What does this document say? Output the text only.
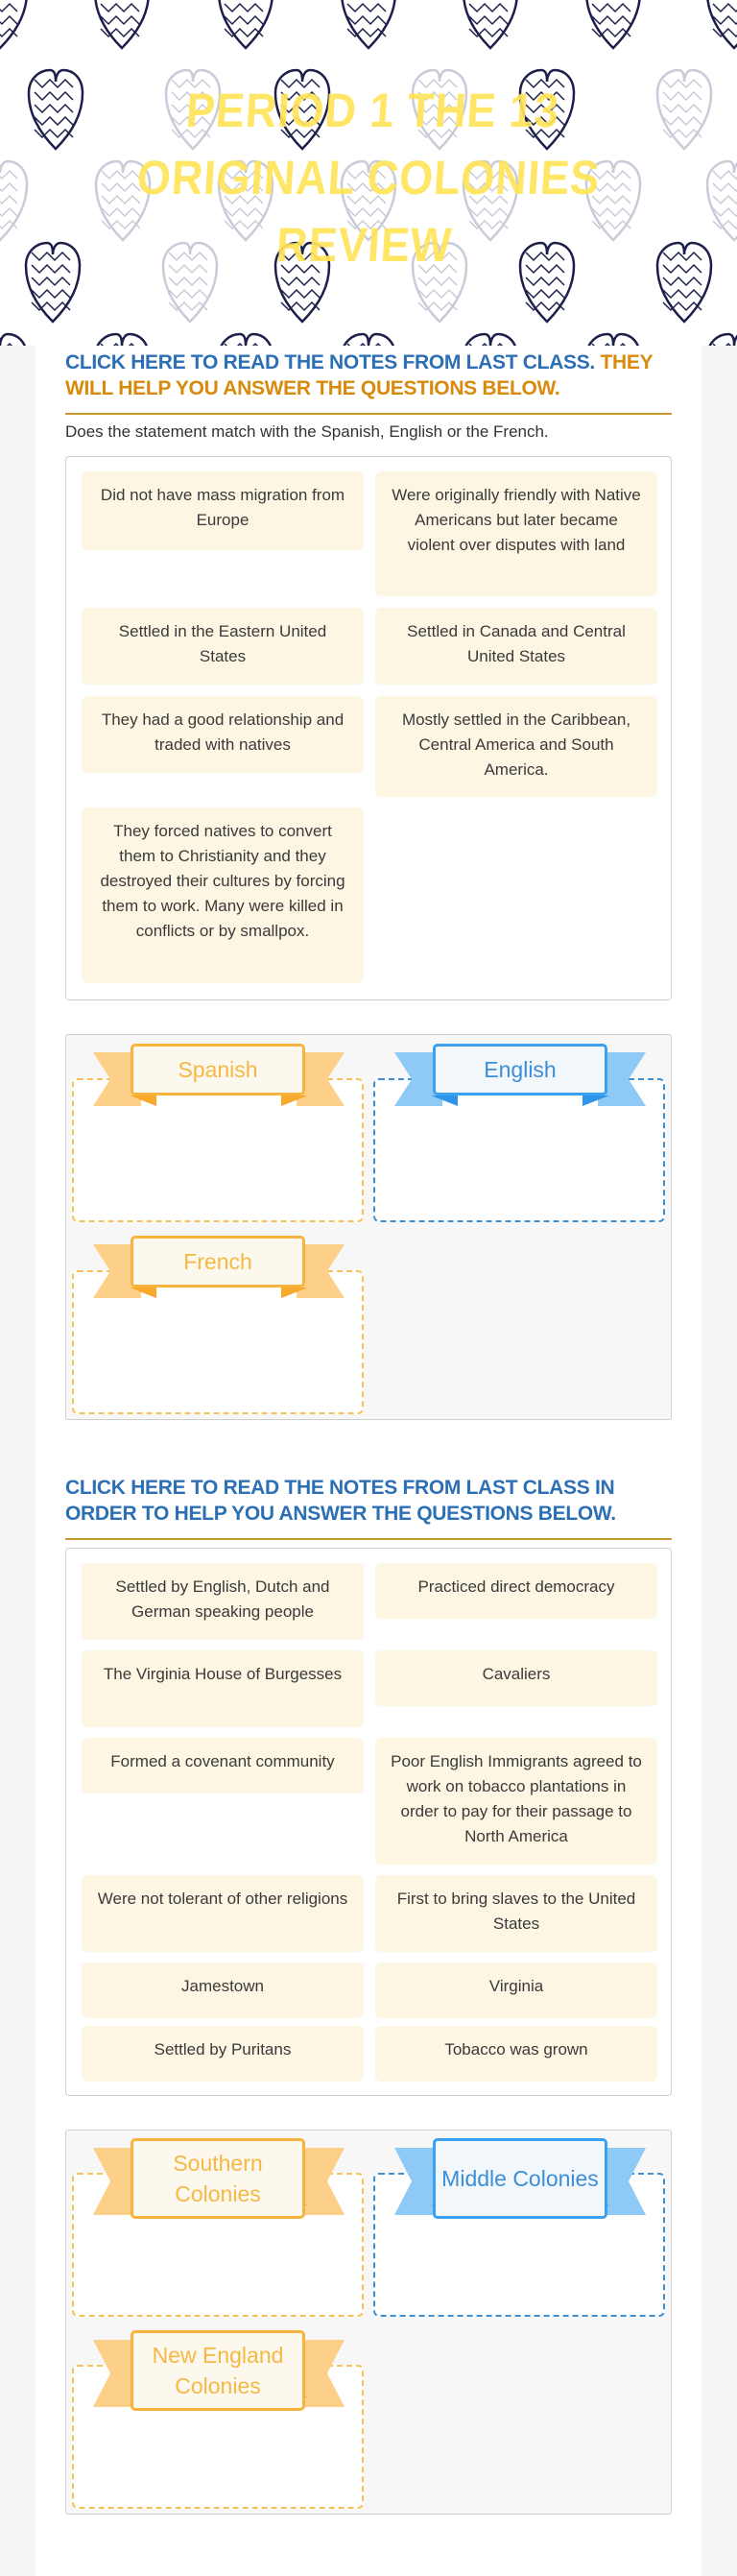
PERIOD 1 THE 13 ORIGINAL COLONIES REVIEW
CLICK HERE TO READ THE NOTES FROM LAST CLASS. THEY WILL HELP YOU ANSWER THE QUESTIONS BELOW.
Does the statement match with the Spanish, English or the French.
Did not have mass migration from Europe
Were originally friendly with Native Americans but later became violent over disputes with land
Settled in the Eastern United States
Settled in Canada and Central United States
They had a good relationship and traded with natives
Mostly settled in the Caribbean, Central America and South America.
They forced natives to convert them to Christianity and they destroyed their cultures by forcing them to work. Many were killed in conflicts or by smallpox.
Spanish	English
French
CLICK HERE TO READ THE NOTES FROM LAST CLASS IN ORDER TO HELP YOU ANSWER THE QUESTIONS BELOW.
Settled by English, Dutch and German speaking people
Practiced direct democracy
The Virginia House of Burgesses	Cavaliers
Formed a covenant community	Poor English Immigrants agreed to work on tobacco plantations in order to pay for their passage to North America
Were not tolerant of other religions	First to bring slaves to the United States
Jamestown	Virginia
Settled by Puritans	Tobacco was grown
Southern Colonies
Middle Colonies
New England Colonies
